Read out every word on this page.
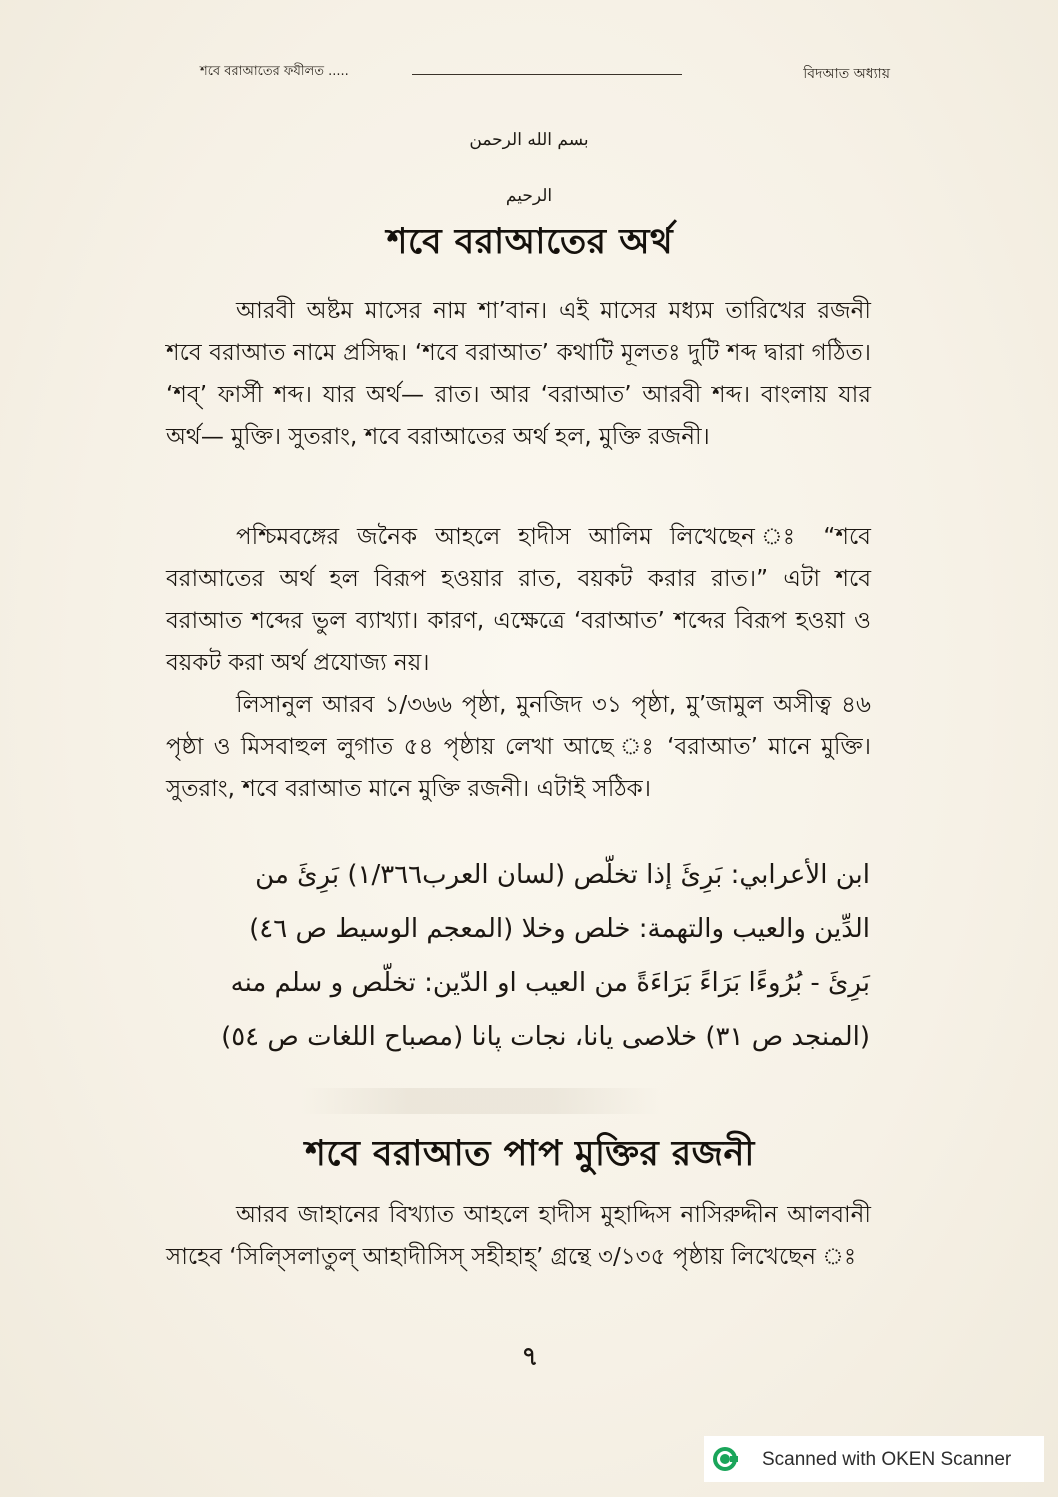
শবে বরাআতের ফযীলত .....	বিদআত অধ্যায়
بسم الله الرحمن الرحيم
শবে বরাআতের অর্থ
আরবী অষ্টম মাসের নাম শা’বান। এই মাসের মধ্যম তারিখের রজনী শবে বরাআত নামে প্রসিদ্ধ। ‘শবে বরাআত’ কথাটি মূলতঃ দুটি শব্দ দ্বারা গঠিত। ‘শব্’ ফার্সী শব্দ। যার অর্থ— রাত। আর ‘বরাআত’ আরবী শব্দ। বাংলায় যার অর্থ— মুক্তি। সুতরাং, শবে বরাআতের অর্থ হল, মুক্তি রজনী।
পশ্চিমবঙ্গের জনৈক আহলে হাদীস আলিম লিখেছেন ঃ “শবে বরাআতের অর্থ হল বিরূপ হওয়ার রাত, বয়কট করার রাত।” এটা শবে বরাআত শব্দের ভুল ব্যাখ্যা। কারণ, এক্ষেত্রে ‘বরাআত’ শব্দের বিরূপ হওয়া ও বয়কট করা অর্থ প্রযোজ্য নয়।
লিসানুল আরব ১/৩৬৬ পৃষ্ঠা, মুনজিদ ৩১ পৃষ্ঠা, মু’জামুল অসীত্ব ৪৬ পৃষ্ঠা ও মিসবাহুল লুগাত ৫৪ পৃষ্ঠায় লেখা আছে ঃ ‘বরাআত’ মানে মুক্তি। সুতরাং, শবে বরাআত মানে মুক্তি রজনী। এটাই সঠিক।
ابن الأعرابي: بَرِئَ إذا تخلّص (لسان العرب١/٣٦٦) بَرِئَ من
الدِّين والعيب والتهمة: خلص وخلا (المعجم الوسيط ص ٤٦)
بَرِئَ - بُرُوءًا بَرَاءً بَرَاءَةً من العيب او الدّين: تخلّص و سلم منه
(المنجد ص ٣١) خلاصى يانا، نجات پانا (مصباح اللغات ص ٥٤)
শবে বরাআত পাপ মুক্তির রজনী
আরব জাহানের বিখ্যাত আহলে হাদীস মুহাদ্দিস নাসিরুদ্দীন আলবানী সাহেব ‘সিল্সিলাতুল্ আহাদীসিস্ সহীহাহ্’ গ্রন্থে ৩/১৩৫ পৃষ্ঠায় লিখেছেন ঃ
৭
Scanned with OKEN Scanner
